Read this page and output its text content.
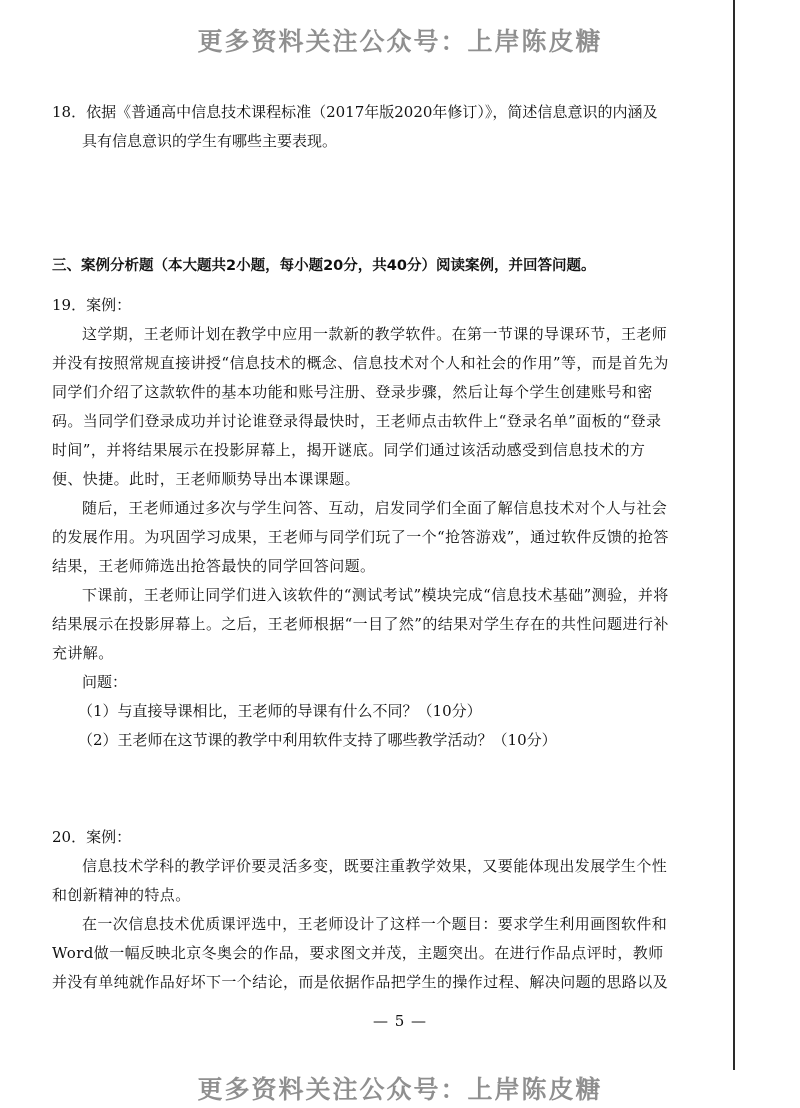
更多资料关注公众号：上岸陈皮糖
18．依据《普通高中信息技术课程标准（2017年版2020年修订）》，简述信息意识的内涵及
具有信息意识的学生有哪些主要表现。
三、案例分析题（本大题共2小题，每小题20分，共40分）阅读案例，并回答问题。
19．案例：
这学期，王老师计划在教学中应用一款新的教学软件。在第一节课的导课环节，王老师并没有按照常规直接讲授“信息技术的概念、信息技术对个人和社会的作用”等，而是首先为同学们介绍了这款软件的基本功能和账号注册、登录步骤，然后让每个学生创建账号和密码。当同学们登录成功并讨论谁登录得最快时，王老师点击软件上“登录名单”面板的“登录时间”，并将结果展示在投影屏幕上，揭开谜底。同学们通过该活动感受到信息技术的方便、快捷。此时，王老师顺势导出本课课题。
随后，王老师通过多次与学生问答、互动，启发同学们全面了解信息技术对个人与社会的发展作用。为巩固学习成果，王老师与同学们玩了一个“抢答游戏”，通过软件反馈的抢答结果，王老师筛选出抢答最快的同学回答问题。
下课前，王老师让同学们进入该软件的“测试考试”模块完成“信息技术基础”测验，并将结果展示在投影屏幕上。之后，王老师根据“一目了然”的结果对学生存在的共性问题进行补充讲解。
问题：
（1）与直接导课相比，王老师的导课有什么不同？（10分）
（2）王老师在这节课的教学中利用软件支持了哪些教学活动？（10分）
20．案例：
信息技术学科的教学评价要灵活多变，既要注重教学效果，又要能体现出发展学生个性和创新精神的特点。
在一次信息技术优质课评选中，王老师设计了这样一个题目：要求学生利用画图软件和Word做一幅反映北京冬奥会的作品，要求图文并茂，主题突出。在进行作品点评时，教师并没有单纯就作品好坏下一个结论，而是依据作品把学生的操作过程、解决问题的思路以及
— 5 —
更多资料关注公众号：上岸陈皮糖
